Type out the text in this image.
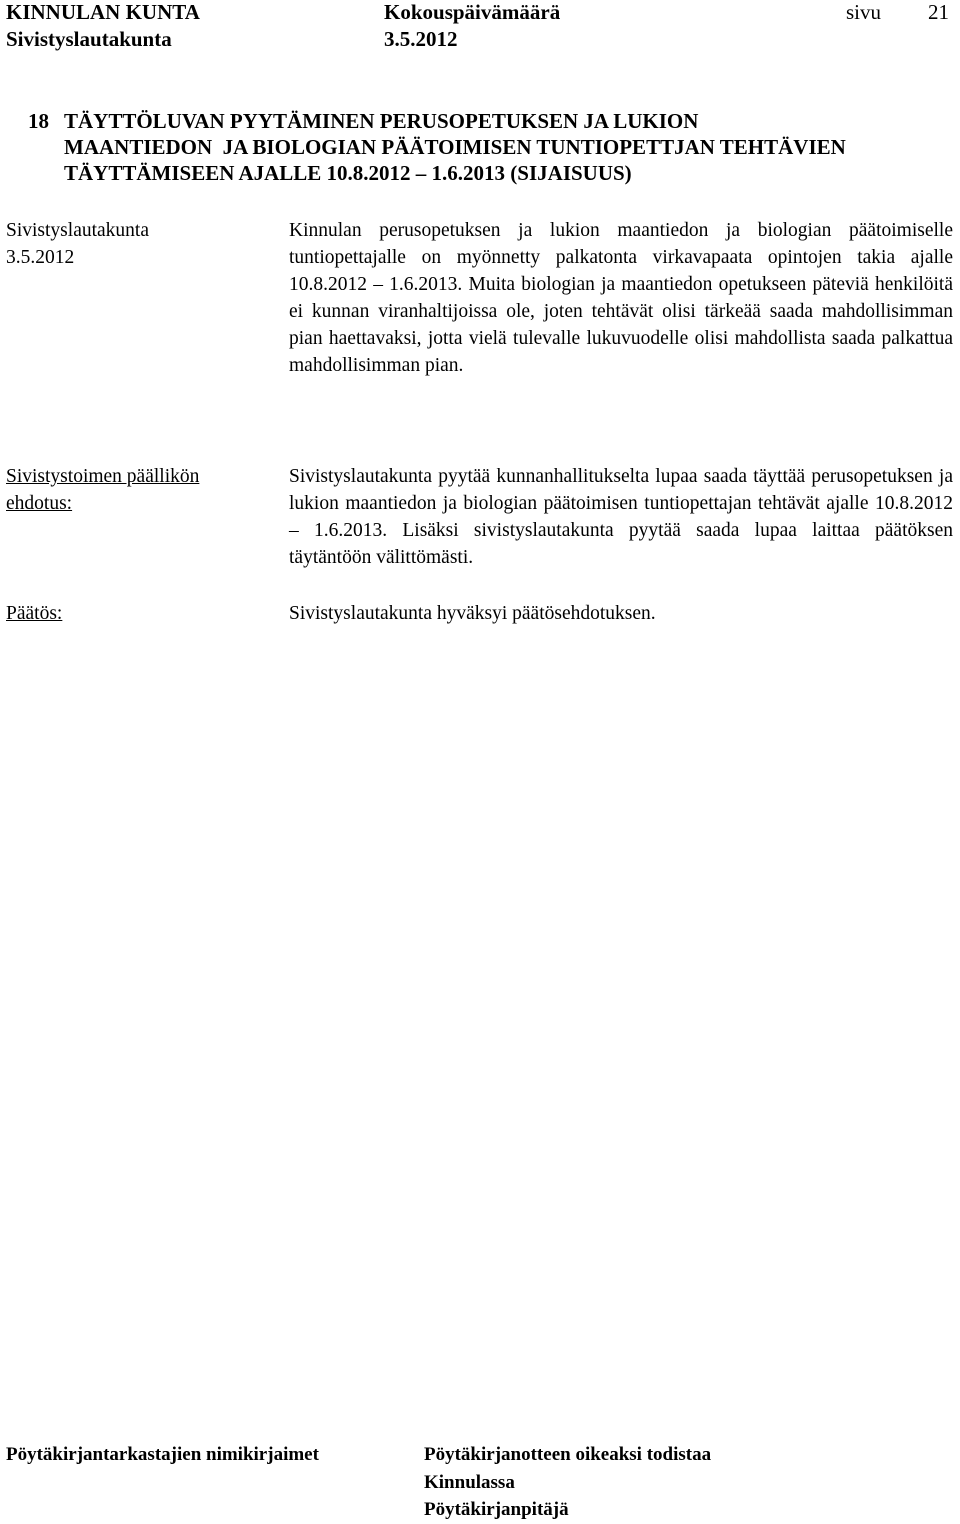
KINNULAN KUNTA
Sivistyslautakunta
Kokouspäivämäärä
3.5.2012
sivu 21
18 TÄYTTÖLUVAN PYYTÄMINEN PERUSOPETUKSEN JA LUKION
MAANTIEDON  JA BIOLOGIAN PÄÄTOIMISEN TUNTIOPETTJAN TEHTÄVIEN
TÄYTTÄMISEEN AJALLE 10.8.2012 – 1.6.2013 (SIJAISUUS)
Sivistyslautakunta
3.5.2012
Kinnulan perusopetuksen ja lukion maantiedon ja biologian päätoimiselle tuntiopettajalle on myönnetty palkatonta virkavapaata opintojen takia ajalle 10.8.2012 – 1.6.2013. Muita biologian ja maantiedon opetukseen päteviä henkilöitä ei kunnan viranhaltijoissa ole, joten tehtävät olisi tärkeää saada mahdollisimman pian haettavaksi, jotta vielä tulevalle lukuvuodelle olisi mahdollista saada palkattua mahdollisimman pian.
Sivistystoimen päällikön
ehdotus:
Sivistyslautakunta pyytää kunnanhallitukselta lupaa saada täyttää perusopetuksen ja lukion maantiedon ja biologian päätoimisen tuntiopettajan tehtävät ajalle 10.8.2012 – 1.6.2013. Lisäksi sivistyslautakunta pyytää saada lupaa laittaa päätöksen täytäntöön välittömästi.
Päätös:	Sivistyslautakunta hyväksyi päätösehdotuksen.
Pöytäkirjantarkastajien nimikirjaimet	Pöytäkirjanotteen oikeaksi todistaa
Kinnulassa
Pöytäkirjanpitäjä
